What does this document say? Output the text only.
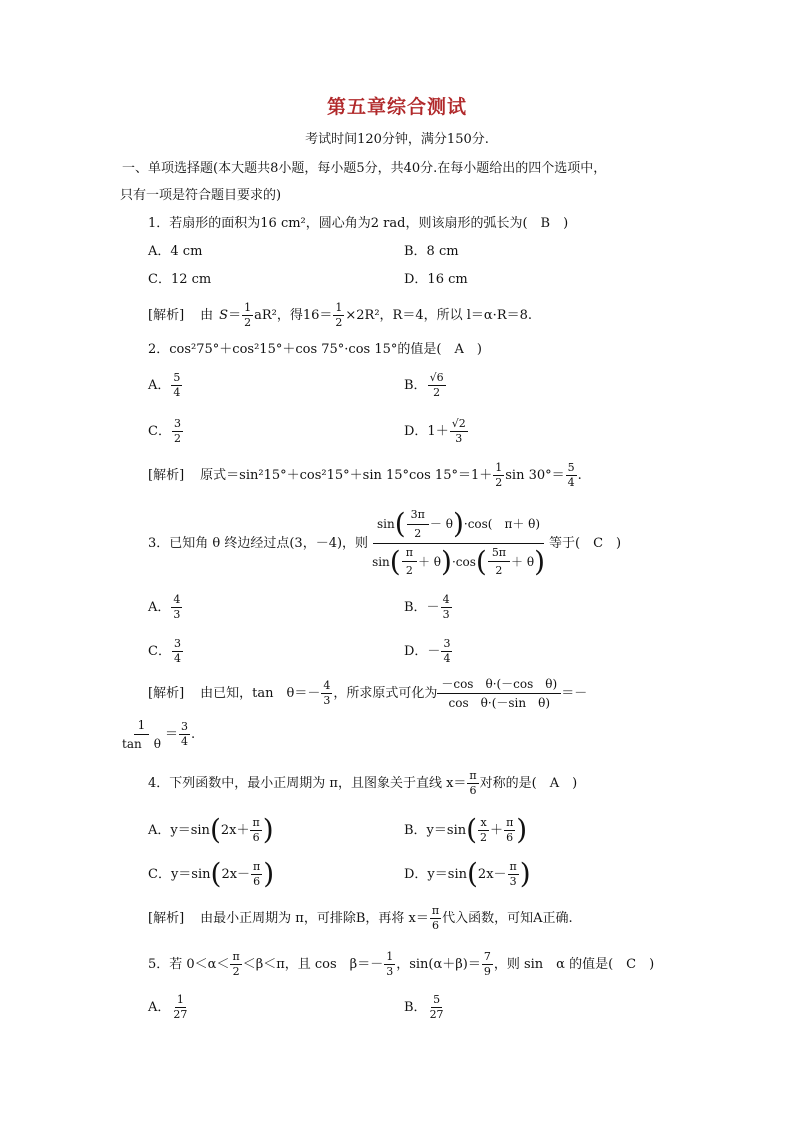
第五章综合测试
考试时间120分钟，满分150分.
一、单项选择题(本大题共8小题，每小题5分，共40分.在每小题给出的四个选项中，
只有一项是符合题目要求的)
1．若扇形的面积为16 cm²，圆心角为2 rad，则该扇形的弧长为(　B　)
A．4 cm	B．8 cm
C．12 cm	D．16 cm
[解析] 由 $S = \frac{1}{2} aR^2$，得$16= \frac{1}{2} \times 2R^2$，R＝4，所以 l＝α·R＝8.
2．cos²75°＋cos²15°＋cos 75°·cos 15°的值是(　A　)
A． $\frac{5}{4}$	B． $\frac{√6}{2}$
C． $\frac{3}{2}$	D．$1+ \frac{√2}{3}$
[解析] 原式＝sin²15°＋cos²15°＋sin 15°cos $15^\circ=1+ \frac{1}{2}$ $\sin 30^\circ= \frac{5}{4}$ .
3．已知角 θ 终边经过点(3，－4)，则
sin ( $\frac{3\pi}{2} - \theta$ ) ·cos(　π＋ θ)
sin ( $\frac{\pi}{2} + \theta$ ) ·cos ( $\frac{5\pi}{2} + \theta$ )
等于(　C　)
A． $\frac{4}{3}$	B．－ $\frac{4}{3}$
C． $\frac{3}{4}$	D．－ $\frac{3}{4}$
[解析] 由已知，tan　$\theta=- \frac{4}{3}$ ，所求原式可化为 $\frac{\text{－cos　θ·(－cos　θ)}}{\text{cos　θ·(－sin　θ)}}$ ＝－
$\frac{1}{\text{tan　θ}} = \frac{3}{4}$ .
4．下列函数中，最小正周期为 π，且图象关于直线 $x= \frac{\pi}{6}$ 对称的是(　A　)
A．y＝sin ( $2x+ \frac{\pi}{6}$ )	B．y＝sin ( $\frac{x}{2} + \frac{\pi}{6}$ )
C．y＝sin ( $2x- \frac{\pi}{6}$ )	D．y＝sin ( $2x- \frac{\pi}{3}$ )
[解析] 由最小正周期为 π，可排除B，再将 $x= \frac{\pi}{6}$ 代入函数，可知A正确.
5．若 $0<\alpha< \frac{\pi}{2} <\beta<\pi$，且 cos　$\beta=- \frac{1}{3}$ ，$\sin(\alpha+\beta)= \frac{7}{9}$ ，则 sin　α 的值是(　C　)
A． $\frac{1}{27}$	B． $\frac{5}{27}$
